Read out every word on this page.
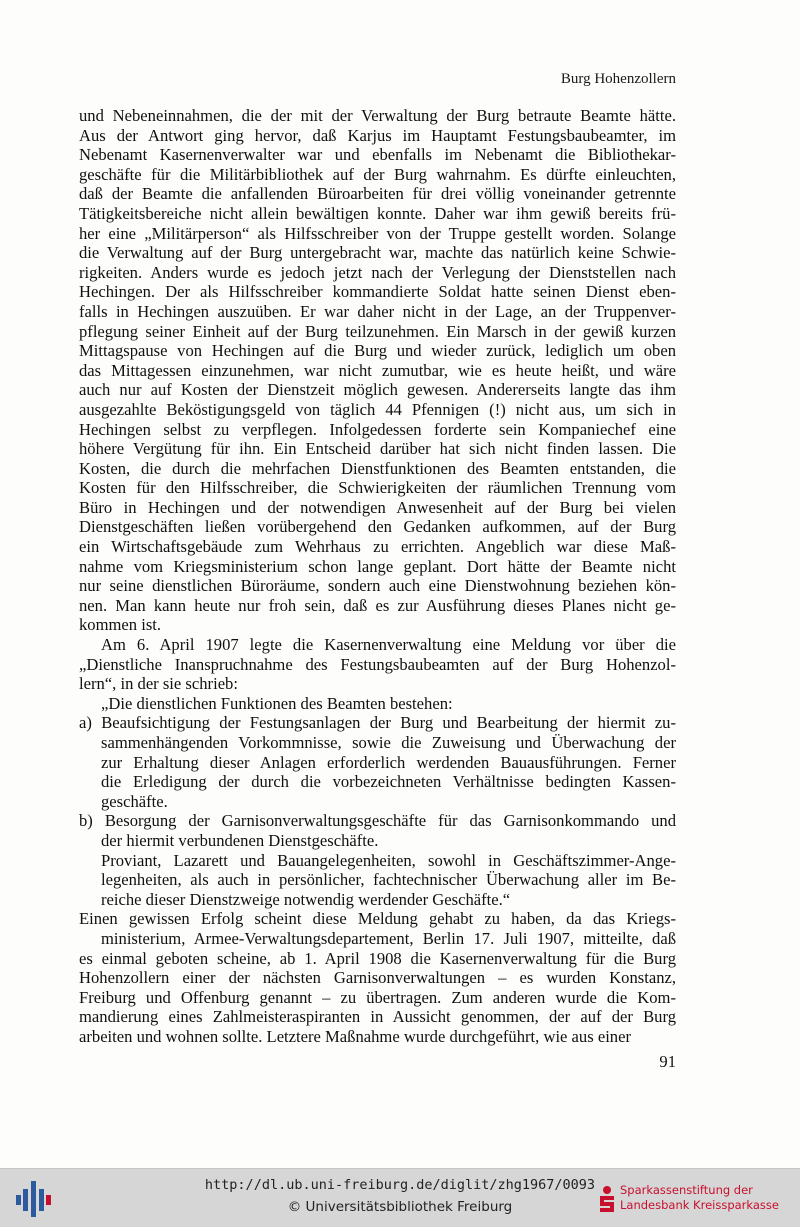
Burg Hohenzollern
und Nebeneinnahmen, die der mit der Verwaltung der Burg betraute Beamte hätte.
Aus der Antwort ging hervor, daß Karjus im Hauptamt Festungsbaubeamter, im
Nebenamt Kasernenverwalter war und ebenfalls im Nebenamt die Bibliothekar-
geschäfte für die Militärbibliothek auf der Burg wahrnahm. Es dürfte einleuchten,
daß der Beamte die anfallenden Büroarbeiten für drei völlig voneinander getrennte
Tätigkeitsbereiche nicht allein bewältigen konnte. Daher war ihm gewiß bereits frü-
her eine „Militärperson“ als Hilfsschreiber von der Truppe gestellt worden. Solange
die Verwaltung auf der Burg untergebracht war, machte das natürlich keine Schwie-
rigkeiten. Anders wurde es jedoch jetzt nach der Verlegung der Dienststellen nach
Hechingen. Der als Hilfsschreiber kommandierte Soldat hatte seinen Dienst eben-
falls in Hechingen auszuüben. Er war daher nicht in der Lage, an der Truppenver-
pflegung seiner Einheit auf der Burg teilzunehmen. Ein Marsch in der gewiß kurzen
Mittagspause von Hechingen auf die Burg und wieder zurück, lediglich um oben
das Mittagessen einzunehmen, war nicht zumutbar, wie es heute heißt, und wäre
auch nur auf Kosten der Dienstzeit möglich gewesen. Andererseits langte das ihm
ausgezahlte Beköstigungsgeld von täglich 44 Pfennigen (!) nicht aus, um sich in
Hechingen selbst zu verpflegen. Infolgedessen forderte sein Kompaniechef eine
höhere Vergütung für ihn. Ein Entscheid darüber hat sich nicht finden lassen. Die
Kosten, die durch die mehrfachen Dienstfunktionen des Beamten entstanden, die
Kosten für den Hilfsschreiber, die Schwierigkeiten der räumlichen Trennung vom
Büro in Hechingen und der notwendigen Anwesenheit auf der Burg bei vielen
Dienstgeschäften ließen vorübergehend den Gedanken aufkommen, auf der Burg
ein Wirtschaftsgebäude zum Wehrhaus zu errichten. Angeblich war diese Maß-
nahme vom Kriegsministerium schon lange geplant. Dort hätte der Beamte nicht
nur seine dienstlichen Büroräume, sondern auch eine Dienstwohnung beziehen kön-
nen. Man kann heute nur froh sein, daß es zur Ausführung dieses Planes nicht ge-
kommen ist.
Am 6. April 1907 legte die Kasernenverwaltung eine Meldung vor über die
„Dienstliche Inanspruchnahme des Festungsbaubeamten auf der Burg Hohenzol-
lern“, in der sie schrieb:
„Die dienstlichen Funktionen des Beamten bestehen:
a) Beaufsichtigung der Festungsanlagen der Burg und Bearbeitung der hiermit zu-
sammenhängenden Vorkommnisse, sowie die Zuweisung und Überwachung der
zur Erhaltung dieser Anlagen erforderlich werdenden Bauausführungen. Ferner
die Erledigung der durch die vorbezeichneten Verhältnisse bedingten Kassen-
geschäfte.
b) Besorgung der Garnisonverwaltungsgeschäfte für das Garnisonkommando und
der hiermit verbundenen Dienstgeschäfte.
Proviant, Lazarett und Bauangelegenheiten, sowohl in Geschäftszimmer-Ange-
legenheiten, als auch in persönlicher, fachtechnischer Überwachung aller im Be-
reiche dieser Dienstzweige notwendig werdender Geschäfte.“
Einen gewissen Erfolg scheint diese Meldung gehabt zu haben, da das Kriegs-
ministerium, Armee-Verwaltungsdepartement, Berlin 17. Juli 1907, mitteilte, daß
es einmal geboten scheine, ab 1. April 1908 die Kasernenverwaltung für die Burg
Hohenzollern einer der nächsten Garnisonverwaltungen – es wurden Konstanz,
Freiburg und Offenburg genannt – zu übertragen. Zum anderen wurde die Kom-
mandierung eines Zahlmeisteraspiranten in Aussicht genommen, der auf der Burg
arbeiten und wohnen sollte. Letztere Maßnahme wurde durchgeführt, wie aus einer
91
http://dl.ub.uni-freiburg.de/diglit/zhg1967/0093
© Universitätsbibliothek Freiburg
Sparkassenstiftung der
Landesbank Kreissparkasse
